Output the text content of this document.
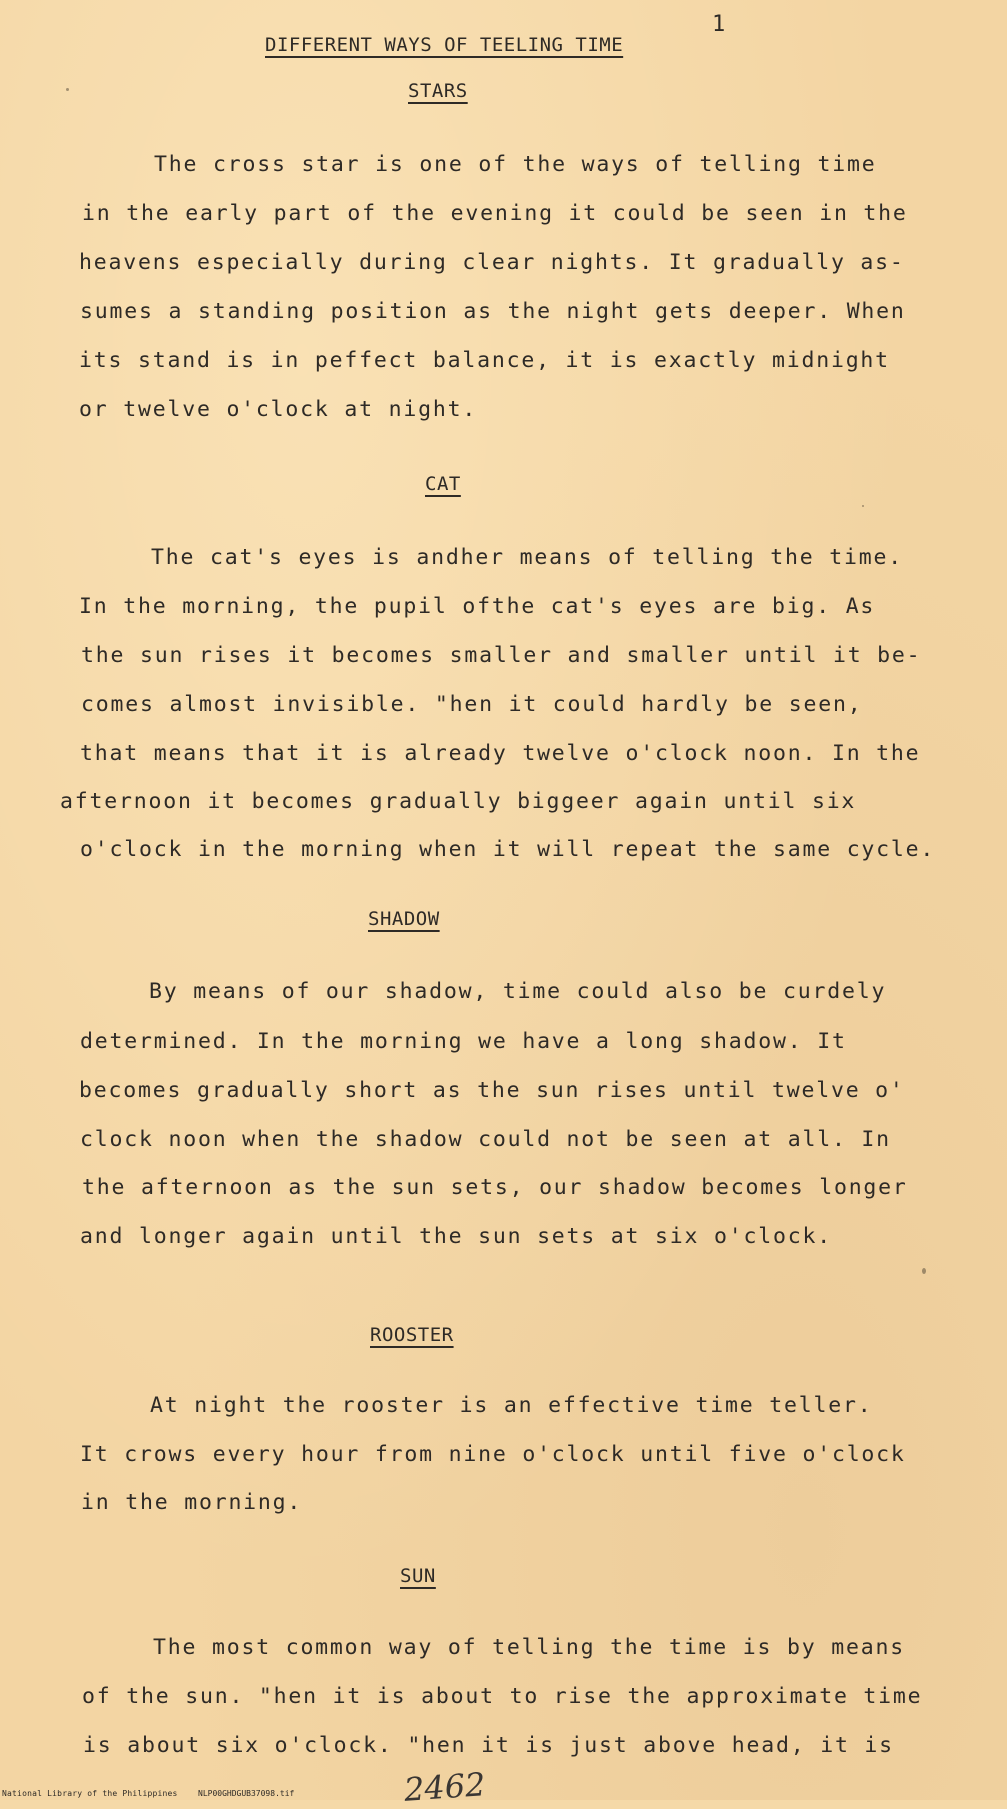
DIFFERENT WAYS OF TEELING TIME
1
STARS
The cross star is one of the ways of telling time
in the early part of the evening it could be seen in the
heavens especially during clear nights. It gradually as-
sumes a standing position as the night gets deeper. When
its stand is in peffect balance, it is exactly midnight
or twelve o'clock at night.
CAT
The cat's eyes is andher means of telling the time.
In the morning, the pupil ofthe cat's eyes are big. As
the sun rises it becomes smaller and smaller until it be-
comes almost invisible. "hen it could hardly be seen,
that means that it is already twelve o'clock noon. In the
afternoon it becomes gradually biggeer again until six
o'clock in the morning when it will repeat the same cycle.
SHADOW
By means of our shadow, time could also be curdely
determined. In the morning we have a long shadow. It
becomes gradually short as the sun rises until twelve o'
clock noon when the shadow could not be seen at all. In
the afternoon as the sun sets, our shadow becomes longer
and longer again until the sun sets at six o'clock.
ROOSTER
At night the rooster is an effective time teller.
It crows every hour from nine o'clock until five o'clock
in the morning.
SUN
The most common way of telling the time is by means
of the sun. "hen it is about to rise the approximate time
is about six o'clock. "hen it is just above head, it is
National Library of the Philippines	NLP00GHDGUB37098.tif	2462
